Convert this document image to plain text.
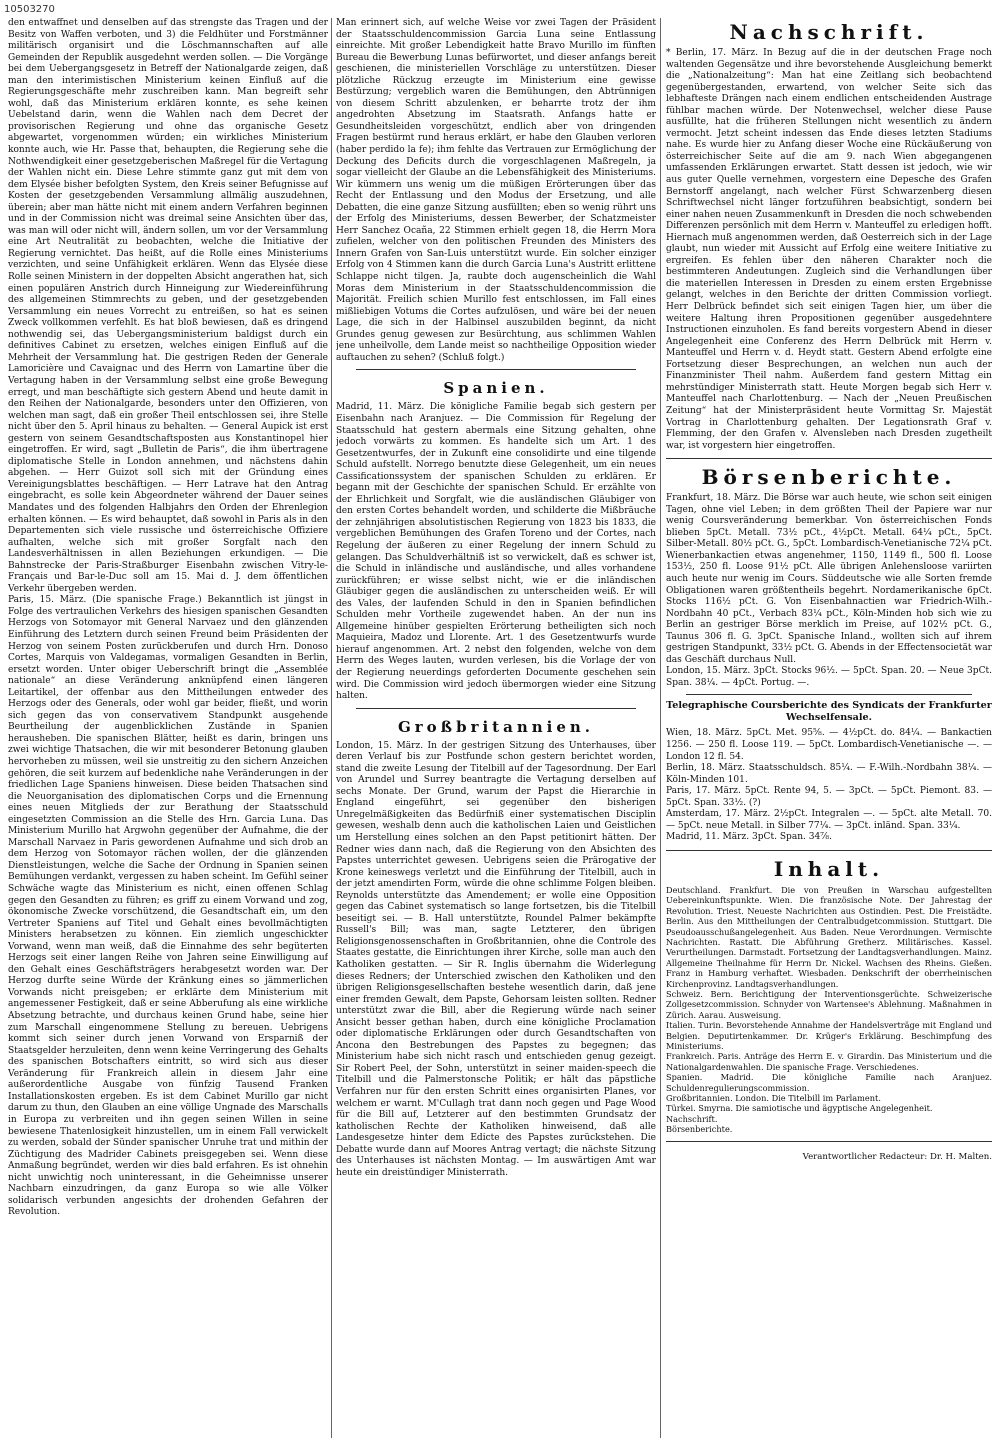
10503270

den entwaffnet und denselben auf das strengste das Tragen und der Besitz von Waffen verboten, und 3) die Feldhüter und Forstmänner militärisch organisirt und die Löschmannschaften auf alle Gemeinden der Republik ausgedehnt werden sollen. — Die Vorgänge bei dem Uebergangsgesetz in Betreff der Nationalgarde zeigen, daß man den interimistischen Ministerium keinen Einfluß auf die Regierungsgeschäfte mehr zuschreiben kann. Man begreift sehr wohl, daß das Ministerium erklären konnte, es sehe keinen Uebelstand darin, wenn die Wahlen nach dem Decret der provisorischen Regierung und ohne das organische Gesetz abgewartet, vorgenommen würden; ein wirkliches Ministerium konnte auch, wie Hr. Passe that, behaupten, die Regierung sehe die Nothwendigkeit einer gesetzgeberischen Maßregel für die Vertagung der Wahlen nicht ein. Diese Lehre stimmte ganz gut mit dem von dem Elysée bisher befolgten System, den Kreis seiner Befugnisse auf Kosten der gesetzgebenden Versammlung allmälig auszudehnen, überein; aber man hätte nicht mit einem andern Verfahren beginnen und in der Commission nicht was dreimal seine Ansichten über das, was man will oder nicht will, ändern sollen, um vor der Versammlung eine Art Neutralität zu beobachten, welche die Initiative der Regierung vernichtet. Das heißt, auf die Rolle eines Ministeriums verzichten, und seine Unfähigkeit erklären. Wenn das Elysée diese Rolle seinen Ministern in der doppelten Absicht angerathen hat, sich einen populären Anstrich durch Hinneigung zur Wiedereinführung des allgemeinen Stimmrechts zu geben, und der gesetzgebenden Versammlung ein neues Vorrecht zu entreißen, so hat es seinen Zweck vollkommen verfehlt. Es hat bloß bewiesen, daß es dringend nothwendig sei, das Uebergangsministerium baldigst durch ein definitives Cabinet zu ersetzen, welches einigen Einfluß auf die Mehrheit der Versammlung hat. Die gestrigen Reden der Generale Lamoricière und Cavaignac und des Herrn von Lamartine über die Vertagung haben in der Versammlung selbst eine große Bewegung erregt, und man beschäftigte sich gestern Abend und heute damit in den Reihen der Nationalgarde, besonders unter den Offizieren, von welchen man sagt, daß ein großer Theil entschlossen sei, ihre Stelle nicht über den 5. April hinaus zu behalten. — General Aupick ist erst gestern von seinem Gesandtschaftsposten aus Konstantinopel hier eingetroffen. Er wird, sagt „Bulletin de Paris“, die ihm übertragene diplomatische Stelle in London annehmen, und nächstens dahin abgehen. — Herr Guizot soll sich mit der Gründung eines Vereinigungsblattes beschäftigen. — Herr Latrave hat den Antrag eingebracht, es solle kein Abgeordneter während der Dauer seines Mandates und des folgenden Halbjahrs den Orden der Ehrenlegion erhalten können. — Es wird behauptet, daß sowohl in Paris als in den Departementen sich viele russische und österreichische Offiziere aufhalten, welche sich mit großer Sorgfalt nach den Landesverhältnissen in allen Beziehungen erkundigen. — Die Bahnstrecke der Paris-Straßburger Eisenbahn zwischen Vitry-le-Français und Bar-le-Duc soll am 15. Mai d. J. dem öffentlichen Verkehr übergeben werden.

Paris, 15. März. (Die spanische Frage.) Bekanntlich ist jüngst in Folge des vertraulichen Verkehrs des hiesigen spanischen Gesandten Herzogs von Sotomayor mit General Narvaez und den glänzenden Einführung des Letztern durch seinen Freund beim Präsidenten der Herzog von seinem Posten zurückberufen und durch Hrn. Donoso Cortes, Marquis von Valdegamas, vormaligen Gesandten in Berlin, ersetzt worden. Unter obiger Ueberschrift bringt die „Assemblée nationale“ an diese Veränderung anknüpfend einen längeren Leitartikel, der offenbar aus den Mittheilungen entweder des Herzogs oder des Generals, oder wohl gar beider, fließt, und worin sich gegen das von conservativem Standpunkt ausgehende Beurtheilung der augenblicklichen Zustände in Spanien herausheben. Die spanischen Blätter, heißt es darin, bringen uns zwei wichtige Thatsachen, die wir mit besonderer Betonung glauben hervorheben zu müssen, weil sie unstreitig zu den sichern Anzeichen gehören, die seit kurzem auf bedenkliche nahe Veränderungen in der friedlichen Lage Spaniens hinweisen. Diese beiden Thatsachen sind die Neuorganisation des diplomatischen Corps und die Ernennung eines neuen Mitglieds der zur Berathung der Staatsschuld eingesetzten Commission an die Stelle des Hrn. Garcia Luna. Das Ministerium Murillo hat Argwohn gegenüber der Aufnahme, die der Marschall Narvaez in Paris gewordenen Aufnahme und sich drob an dem Herzog von Sotomayor rächen wollen, der die glänzenden Dienstleistungen, welche die Sache der Ordnung in Spanien seinen Bemühungen verdankt, vergessen zu haben scheint. Im Gefühl seiner Schwäche wagte das Ministerium es nicht, einen offenen Schlag gegen den Gesandten zu führen; es griff zu einem Vorwand und zog, ökonomische Zwecke vorschützend, die Gesandtschaft ein, um den Vertreter Spaniens auf Titel und Gehalt eines bevollmächtigten Ministers herabsetzen zu können. Ein ziemlich ungeschickter Vorwand, wenn man weiß, daß die Einnahme des sehr begüterten Herzogs seit einer langen Reihe von Jahren seine Einwilligung auf den Gehalt eines Geschäftsträgers herabgesetzt worden war. Der Herzog durfte seine Würde der Kränkung eines so jämmerlichen Vorwands nicht preisgeben; er erklärte dem Ministerium mit angemessener Festigkeit, daß er seine Abberufung als eine wirkliche Absetzung betrachte, und durchaus keinen Grund habe, seine hier zum Marschall eingenommene Stellung zu bereuen. Uebrigens kommt sich seiner durch jenen Vorwand von Ersparniß der Staatsgelder herzuleiten, denn wenn keine Verringerung des Gehalts des spanischen Botschafters eintritt, so wird sich aus dieser Veränderung für Frankreich allein in diesem Jahr eine außerordentliche Ausgabe von fünfzig Tausend Franken Installationskosten ergeben. Es ist dem Cabinet Murillo gar nicht darum zu thun, den Glauben an eine völlige Ungnade des Marschalls in Europa zu verbreiten und ihn gegen seinen Willen in seine bewiesene Thatenlosigkeit hinzustellen, um in einem Fall verwickelt zu werden, sobald der Sünder spanischer Unruhe trat und mithin der Züchtigung des Madrider Cabinets preisgegeben sei. Wenn diese Anmaßung begründet, werden wir dies bald erfahren. Es ist ohnehin nicht unwichtig noch uninteressant, in die Geheimnisse unserer Nachbarn einzudringen, da ganz Europa so wie alle Völker solidarisch verbunden angesichts der drohenden Gefahren der Revolution.

Man erinnert sich, auf welche Weise vor zwei Tagen der Präsident der Staatsschuldencommission Garcia Luna seine Entlassung einreichte. Mit großer Lebendigkeit hatte Bravo Murillo im fünften Bureau die Bewerbung Lunas befürwortet, und dieser anfangs bereit geschienen, die ministeriellen Vorschläge zu unterstützen. Dieser plötzliche Rückzug erzeugte im Ministerium eine gewisse Bestürzung; vergeblich waren die Bemühungen, den Abtrünnigen von diesem Schritt abzulenken, er beharrte trotz der ihm angedrohten Absetzung im Staatsrath. Anfangs hatte er Gesundheitsleiden vorgeschützt, endlich aber von dringenden Fragen bestürmt rund heraus erklärt, er habe den Glauben verloren (haber perdido la fe); ihm fehlte das Vertrauen zur Ermöglichung der Deckung des Deficits durch die vorgeschlagenen Maßregeln, ja sogar vielleicht der Glaube an die Lebensfähigkeit des Ministeriums. Wir kümmern uns wenig um die müßigen Erörterungen über das Recht der Entlassung und den Modus der Ersetzung, und alle Debatten, die eine ganze Sitzung ausfüllten; eben so wenig rührt uns der Erfolg des Ministeriums, dessen Bewerber, der Schatzmeister Herr Sanchez Ocaña, 22 Stimmen erhielt gegen 18, die Herrn Mora zufielen, welcher von den politischen Freunden des Ministers des Innern Grafen von San-Luis unterstützt wurde. Ein solcher einziger Erfolg von 4 Stimmen kann die durch Garcia Luna's Austritt erlittene Schlappe nicht tilgen. Ja, raubte doch augenscheinlich die Wahl Moras dem Ministerium in der Staatsschuldencommission die Majorität. Freilich schien Murillo fest entschlossen, im Fall eines mißliebigen Votums die Cortes aufzulösen, und wäre bei der neuen Lage, die sich in der Halbinsel auszubilden beginnt, da nicht Grundes genug gewesen zur Besürchtung, aus schlimmen Wahlen jene unheilvolle, dem Lande meist so nachtheilige Opposition wieder auftauchen zu sehen? (Schluß folgt.)

Spanien.

Madrid, 11. März. Die königliche Familie begab sich gestern per Eisenbahn nach Aranjuez. — Die Commission für Regelung der Staatsschuld hat gestern abermals eine Sitzung gehalten, ohne jedoch vorwärts zu kommen. Es handelte sich um Art. 1 des Gesetzentwurfes, der in Zukunft eine consolidirte und eine tilgende Schuld aufstellt. Norrego benutzte diese Gelegenheit, um ein neues Cassificationssystem der spanischen Schulden zu erklären. Er begann mit der Geschichte der spanischen Schuld. Er erzählte von der Ehrlichkeit und Sorgfalt, wie die ausländischen Gläubiger von den ersten Cortes behandelt worden, und schilderte die Mißbräuche der zehnjährigen absolutistischen Regierung von 1823 bis 1833, die vergeblichen Bemühungen des Grafen Toreno und der Cortes, nach Regelung der äußeren zu einer Regelung der innern Schuld zu gelangen. Das Schuldverhältniß ist so verwickelt, daß es schwer ist, die Schuld in inländische und ausländische, und alles vorhandene zurückführen; er wisse selbst nicht, wie er die inländischen Gläubiger gegen die ausländischen zu unterscheiden weiß. Er will des Vales, der laufenden Schuld in den in Spanien befindlichen Schulden mehr Vortheile zugewendet haben. An der nun ins Allgemeine hinüber gespielten Erörterung betheiligten sich noch Maquieira, Madoz und Llorente. Art. 1 des Gesetzentwurfs wurde hierauf angenommen. Art. 2 nebst den folgenden, welche von dem Herrn des Weges lauten, wurden verlesen, bis die Vorlage der von der Regierung neuerdings geforderten Documente geschehen sein wird. Die Commission wird jedoch übermorgen wieder eine Sitzung halten.

Großbritannien.

London, 15. März. In der gestrigen Sitzung des Unterhauses, über deren Verlauf bis zur Postfunde schon gestern berichtet worden, stand die zweite Lesung der Titelbill auf der Tagesordnung. Der Earl von Arundel und Surrey beantragte die Vertagung derselben auf sechs Monate. Der Grund, warum der Papst die Hierarchie in England eingeführt, sei gegenüber den bisherigen Unregelmäßigkeiten das Bedürfniß einer systematischen Disciplin gewesen, weshalb denn auch die katholischen Laien und Geistlichen um Herstellung eines solchen an den Papst petitionirt hätten. Der Redner wies dann nach, daß die Regierung von den Absichten des Papstes unterrichtet gewesen. Uebrigens seien die Prärogative der Krone keineswegs verletzt und die Einführung der Titelbill, auch in der jetzt amendirten Form, würde die ohne schlimme Folgen bleiben. Reynolds unterstützte das Amendement; er wolle eine Opposition gegen das Cabinet systematisch so lange fortsetzen, bis die Titelbill beseitigt sei. — B. Hall unterstützte, Roundel Palmer bekämpfte Russell's Bill; was man, sagte Letzterer, den übrigen Religionsgenossenschaften in Großbritannien, ohne die Controle des Staates gestatte, die Einrichtungen ihrer Kirche, solle man auch den Katholiken gestatten. — Sir R. Inglis übernahm die Widerlegung dieses Redners; der Unterschied zwischen den Katholiken und den übrigen Religionsgesellschaften bestehe wesentlich darin, daß jene einer fremden Gewalt, dem Papste, Gehorsam leisten sollten. Redner unterstützt zwar die Bill, aber die Regierung würde nach seiner Ansicht besser gethan haben, durch eine königliche Proclamation oder diplomatische Erklärungen oder durch Gesandtschaften von Ancona den Bestrebungen des Papstes zu begegnen; das Ministerium habe sich nicht rasch und entschieden genug gezeigt. Sir Robert Peel, der Sohn, unterstützt in seiner maiden-speech die Titelbill und die Palmerstonsche Politik; er hält das päpstliche Verfahren nur für den ersten Schritt eines organisirten Planes, vor welchem er warnt. M'Cullagh trat dann noch gegen und Page Wood für die Bill auf, Letzterer auf den bestimmten Grundsatz der katholischen Rechte der Katholiken hinweisend, daß alle Landesgesetze hinter dem Edicte des Papstes zurückstehen. Die Debatte wurde dann auf Moores Antrag vertagt; die nächste Sitzung des Unterhauses ist nächsten Montag. — Im auswärtigen Amt war heute ein dreistündiger Ministerrath.

Nachschrift.

* Berlin, 17. März. In Bezug auf die in der deutschen Frage noch waltenden Gegensätze und ihre bevorstehende Ausgleichung bemerkt die „Nationalzeitung“: Man hat eine Zeitlang sich beobachtend gegenübergestanden, erwartend, von welcher Seite sich das lebhafteste Drängen nach einem endlichen entscheidenden Austrage fühlbar machen würde. Der Notenwechsel, welcher diese Pause ausfüllte, hat die früheren Stellungen nicht wesentlich zu ändern vermocht. Jetzt scheint indessen das Ende dieses letzten Stadiums nahe. Es wurde hier zu Anfang dieser Woche eine Rückäußerung von österreichischer Seite auf die am 9. nach Wien abgegangenen umfassenden Erklärungen erwartet. Statt dessen ist jedoch, wie wir aus guter Quelle vernehmen, vorgestern eine Depesche des Grafen Bernstorff angelangt, nach welcher Fürst Schwarzenberg diesen Schriftwechsel nicht länger fortzuführen beabsichtigt, sondern bei einer nahen neuen Zusammenkunft in Dresden die noch schwebenden Differenzen persönlich mit dem Herrn v. Manteuffel zu erledigen hofft. Hiernach muß angenommen werden, daß Oesterreich sich in der Lage glaubt, nun wieder mit Aussicht auf Erfolg eine weitere Initiative zu ergreifen. Es fehlen über den näheren Charakter noch die bestimmteren Andeutungen. Zugleich sind die Verhandlungen über die materiellen Interessen in Dresden zu einem ersten Ergebnisse gelangt, welches in den Berichte der dritten Commission vorliegt. Herr Delbrück befindet sich seit einigen Tagen hier, um über die weitere Haltung ihren Propositionen gegenüber ausgedehntere Instructionen einzuholen. Es fand bereits vorgestern Abend in dieser Angelegenheit eine Conferenz des Herrn Delbrück mit Herrn v. Manteuffel und Herrn v. d. Heydt statt. Gestern Abend erfolgte eine Fortsetzung dieser Besprechungen, an welchen nun auch der Finanzminister Theil nahm. Außerdem fand gestern Mittag ein mehrstündiger Ministerrath statt. Heute Morgen begab sich Herr v. Manteuffel nach Charlottenburg. — Nach der „Neuen Preußischen Zeitung“ hat der Ministerpräsident heute Vormittag Sr. Majestät Vortrag in Charlottenburg gehalten. Der Legationsrath Graf v. Flemming, der den Grafen v. Alvensleben nach Dresden zugetheilt war, ist vorgestern hier eingetroffen.

Börsenberichte.

Frankfurt, 18. März. Die Börse war auch heute, wie schon seit einigen Tagen, ohne viel Leben; in dem größten Theil der Papiere war nur wenig Coursveränderung bemerkbar. Von österreichischen Fonds blieben 5pCt. Metall. 73½ pCt., 4½pCt. Metall. 64¼ pCt., 5pCt. Silber-Metall. 80½ pCt. G., 5pCt. Lombardisch-Venetianische 72¼ pCt. Wienerbankactien etwas angenehmer, 1150, 1149 fl., 500 fl. Loose 153½, 250 fl. Loose 91½ pCt. Alle übrigen Anlehensloose variirten auch heute nur wenig im Cours. Süddeutsche wie alle Sorten fremde Obligationen waren größtentheils begehrt. Nordamerikanische 6pCt. Stocks 116½ pCt. G. Von Eisenbahnactien war Friedrich-Wilh.-Nordbahn 40 pCt., Verbach 83¼ pCt., Köln-Minden hob sich wie zu Berlin an gestriger Börse merklich im Preise, auf 102½ pCt. G., Taunus 306 fl. G. 3pCt. Spanische Inland., wollten sich auf ihrem gestrigen Standpunkt, 33½ pCt. G. Abends in der Effectensocietät war das Geschäft durchaus Null.

London, 15. März. 3pCt. Stocks 96½. — 5pCt. Span. 20. — Neue 3pCt. Span. 38¼. — 4pCt. Portug. —.

Telegraphische Coursberichte des Syndicats der Frankfurter Wechselfensale.

Wien, 18. März. 5pCt. Met. 95⅝. — 4½pCt. do. 84¼. — Bankactien 1256. — 250 fl. Loose 119. — 5pCt. Lombardisch-Venetianische —. — London 12 fl. 54.

Berlin, 18. März. Staatsschuldsch. 85¼. — F.-Wilh.-Nordbahn 38¼. — Köln-Minden 101.

Paris, 17. März. 5pCt. Rente 94, 5. — 3pCt. — 5pCt. Piemont. 83. — 5pCt. Span. 33½. (?)

Amsterdam, 17. März. 2½pCt. Integralen —. — 5pCt. alte Metall. 70. — 5pCt. neue Metall. in Silber 77¼. — 3pCt. inländ. Span. 33¼.

Madrid, 11. März. 3pCt. Span. 34⅞.

Inhalt.

Deutschland. Frankfurt. Die von Preußen in Warschau aufgestellten Uebereinkunftspunkte. Wien. Die französische Note. Der Jahrestag der Revolution. Triest. Neueste Nachrichten aus Ostindien. Pest. Die Freistädte. Berlin. Aus den Mittheilungen der Centralbudgetcommission. Stuttgart. Die Pseudoausschußangelegenheit. Aus Baden. Neue Verordnungen. Vermischte Nachrichten. Rastatt. Die Abführung Gretherz. Militärisches. Kassel. Verurtheilungen. Darmstadt. Fortsetzung der Landtagsverhandlungen. Mainz. Allgemeine Theilnahme für Herrn Dr. Nickel. Wachsen des Rheins. Gießen. Franz in Hamburg verhaftet. Wiesbaden. Denkschrift der oberrheinischen Kirchenprovinz. Landtagsverhandlungen.

Schweiz. Bern. Berichtigung der Interventionsgerüchte. Schweizerische Zollgesetzcommission. Schnyder von Wartensee's Ablehnung. Maßnahmen in Zürich. Aarau. Ausweisung.

Italien. Turin. Bevorstehende Annahme der Handelsverträge mit England und Belgien. Deputirtenkammer. Dr. Krüger's Erklärung. Beschimpfung des Ministeriums.

Frankreich. Paris. Anträge des Herrn E. v. Girardin. Das Ministerium und die Nationalgardenwahlen. Die spanische Frage. Verschiedenes.

Spanien. Madrid. Die königliche Familie nach Aranjuez. Schuldenregulierungscommission.

Großbritannien. London. Die Titelbill im Parlament.

Türkei. Smyrna. Die samiotische und ägyptische Angelegenheit.

Nachschrift.

Börsenberichte.

Verantwortlicher Redacteur: Dr. H. Malten.
